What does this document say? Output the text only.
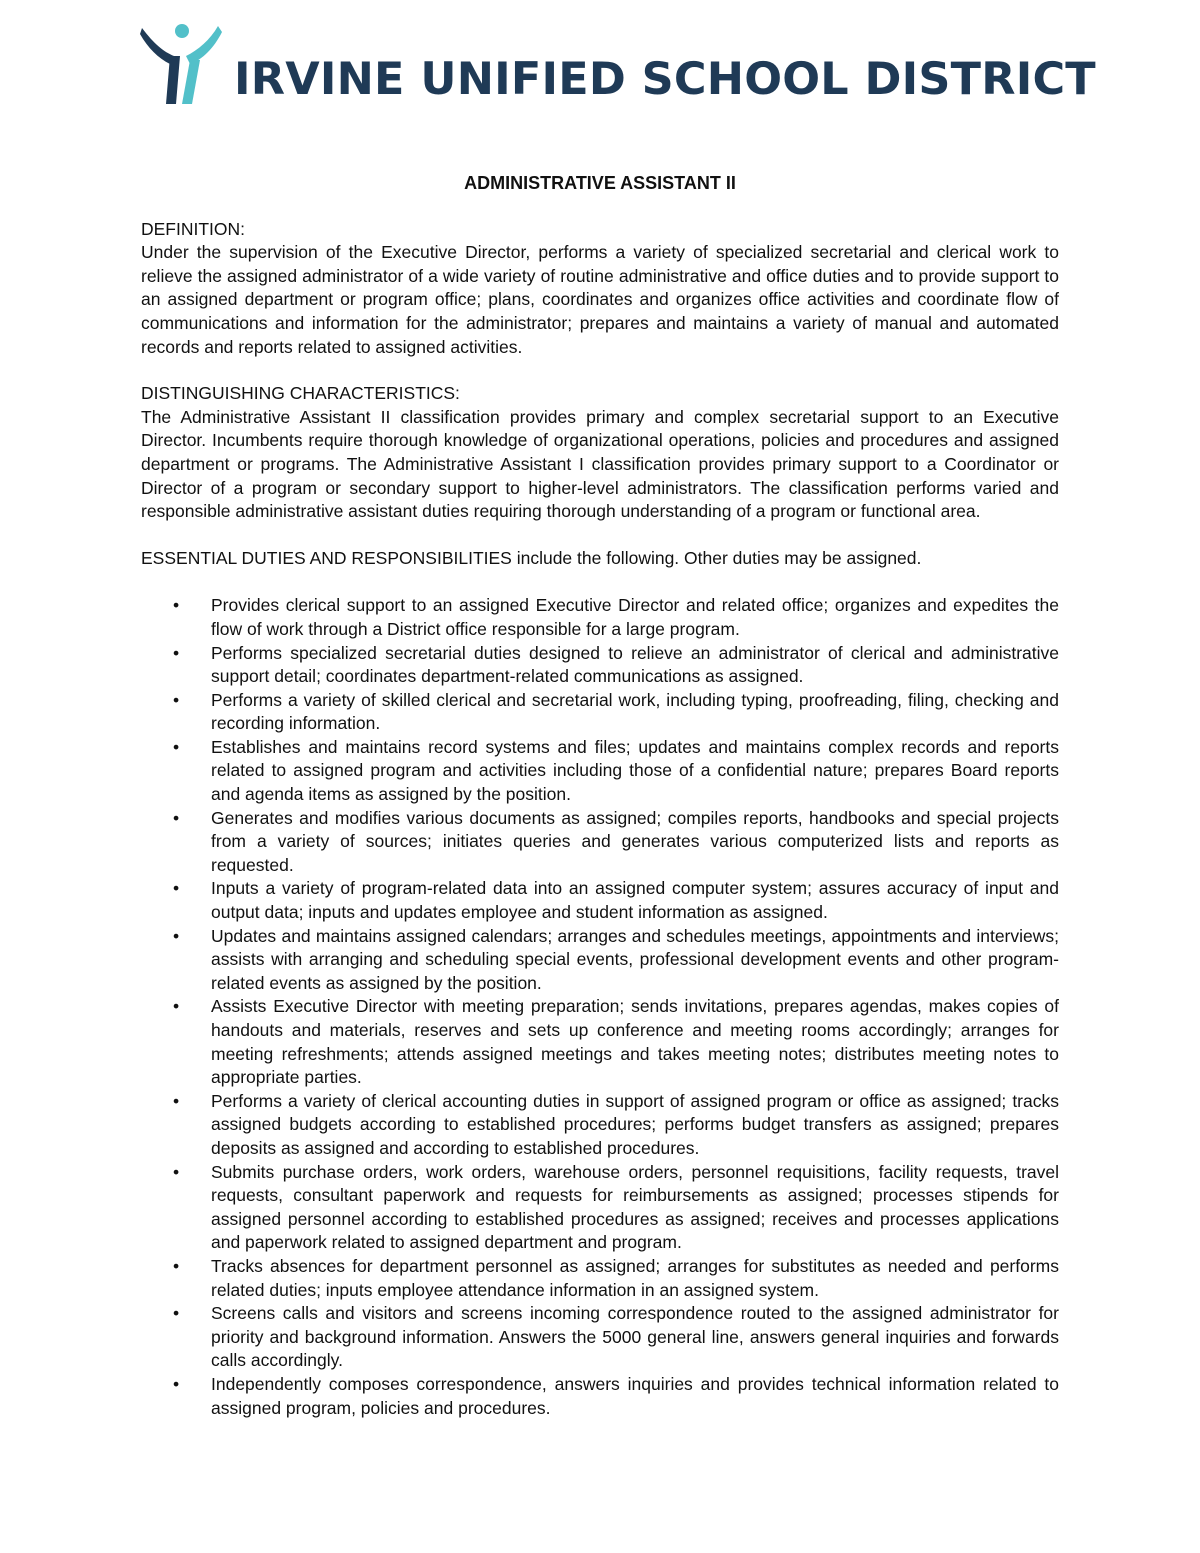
IRVINE UNIFIED SCHOOL DISTRICT

ADMINISTRATIVE ASSISTANT II

DEFINITION:

Under the supervision of the Executive Director, performs a variety of specialized secretarial and clerical work to relieve the assigned administrator of a wide variety of routine administrative and office duties and to provide support to an assigned department or program office; plans, coordinates and organizes office activities and coordinate flow of communications and information for the administrator; prepares and maintains a variety of manual and automated records and reports related to assigned activities.

DISTINGUISHING CHARACTERISTICS:

The Administrative Assistant II classification provides primary and complex secretarial support to an Executive Director. Incumbents require thorough knowledge of organizational operations, policies and procedures and assigned department or programs. The Administrative Assistant I classification provides primary support to a Coordinator or Director of a program or secondary support to higher-level administrators. The classification performs varied and responsible administrative assistant duties requiring thorough understanding of a program or functional area.

ESSENTIAL DUTIES AND RESPONSIBILITIES include the following. Other duties may be assigned.

• Provides clerical support to an assigned Executive Director and related office; organizes and expedites the flow of work through a District office responsible for a large program.
• Performs specialized secretarial duties designed to relieve an administrator of clerical and administrative support detail; coordinates department-related communications as assigned.
• Performs a variety of skilled clerical and secretarial work, including typing, proofreading, filing, checking and recording information.
• Establishes and maintains record systems and files; updates and maintains complex records and reports related to assigned program and activities including those of a confidential nature; prepares Board reports and agenda items as assigned by the position.
• Generates and modifies various documents as assigned; compiles reports, handbooks and special projects from a variety of sources; initiates queries and generates various computerized lists and reports as requested.
• Inputs a variety of program-related data into an assigned computer system; assures accuracy of input and output data; inputs and updates employee and student information as assigned.
• Updates and maintains assigned calendars; arranges and schedules meetings, appointments and interviews; assists with arranging and scheduling special events, professional development events and other program-related events as assigned by the position.
• Assists Executive Director with meeting preparation; sends invitations, prepares agendas, makes copies of handouts and materials, reserves and sets up conference and meeting rooms accordingly; arranges for meeting refreshments; attends assigned meetings and takes meeting notes; distributes meeting notes to appropriate parties.
• Performs a variety of clerical accounting duties in support of assigned program or office as assigned; tracks assigned budgets according to established procedures; performs budget transfers as assigned; prepares deposits as assigned and according to established procedures.
• Submits purchase orders, work orders, warehouse orders, personnel requisitions, facility requests, travel requests, consultant paperwork and requests for reimbursements as assigned; processes stipends for assigned personnel according to established procedures as assigned; receives and processes applications and paperwork related to assigned department and program.
• Tracks absences for department personnel as assigned; arranges for substitutes as needed and performs related duties; inputs employee attendance information in an assigned system.
• Screens calls and visitors and screens incoming correspondence routed to the assigned administrator for priority and background information. Answers the 5000 general line, answers general inquiries and forwards calls accordingly.
• Independently composes correspondence, answers inquiries and provides technical information related to assigned program, policies and procedures.
